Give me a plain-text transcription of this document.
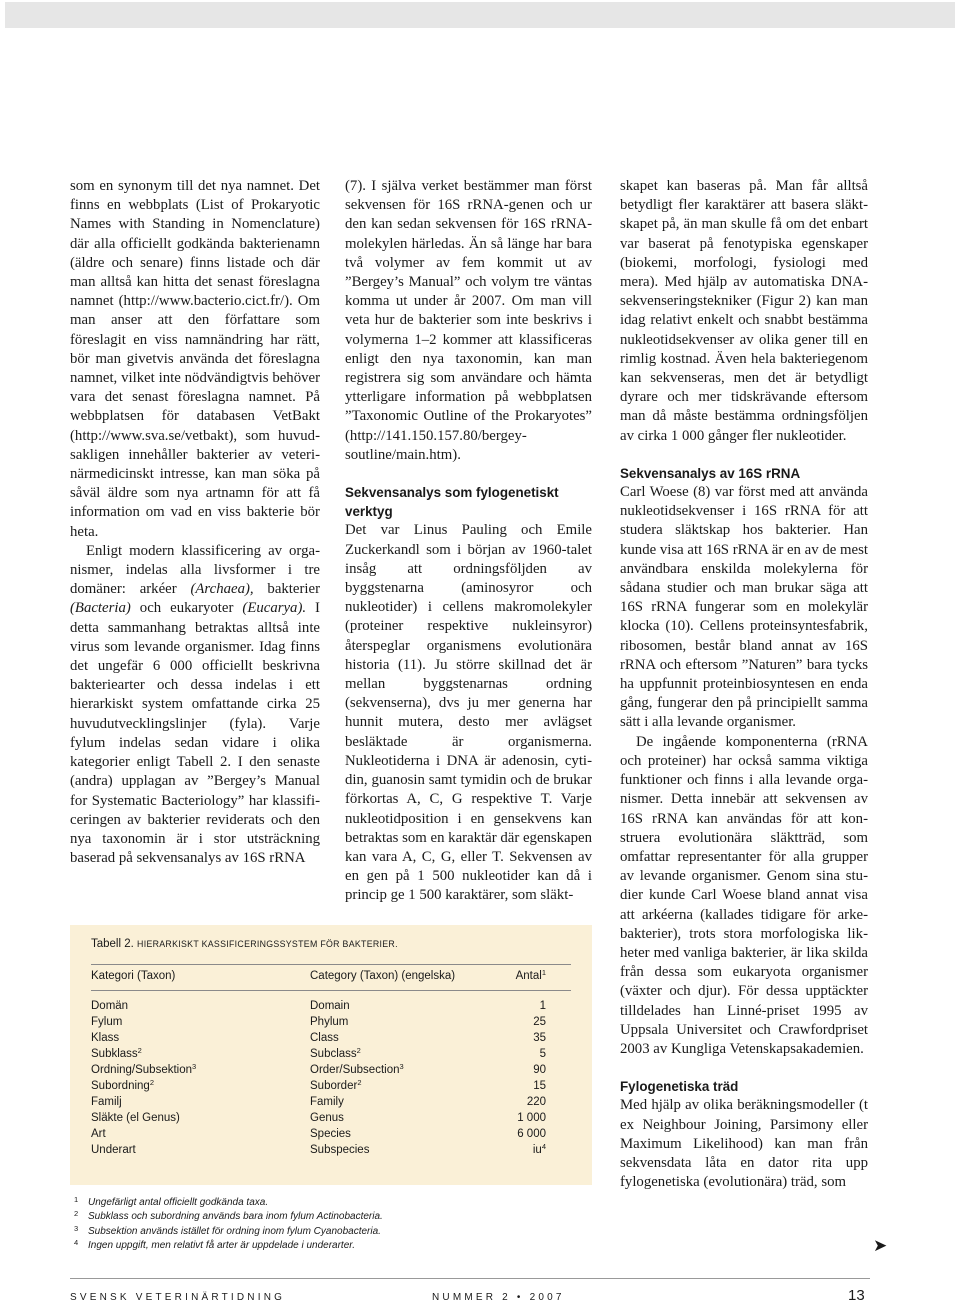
som en synonym till det nya namnet. Det finns en webbplats (List of Prokaryotic Names with Standing in Nomenclature) där alla officiellt godkända bakterienamn (äldre och senare) finns listade och där man alltså kan hitta det senast föreslagna namnet (http://www.bacterio.cict.fr/). Om man anser att den författare som föreslagit en viss namnändring har rätt, bör man givetvis använda det föreslagna namnet, vilket inte nödvändigtvis behöver vara det senast föreslagna namnet. På webbplatsen för databasen VetBakt (http://www.sva.se/vetbakt), som huvudsakligen innehåller bakterier av veterinärmedicinskt intresse, kan man söka på såväl äldre som nya artnamn för att få information om vad en viss bakterie bör heta.

Enligt modern klassificering av organismer, indelas alla livsformer i tre domäner: arkéer (Archaea), bakterier (Bacteria) och eukaryoter (Eucarya). I detta sammanhang betraktas alltså inte virus som levande organismer. Idag finns det ungefär 6 000 officiellt beskrivna bakteriearter och dessa indelas i ett hierarkiskt system omfattande cirka 25 huvudutvecklingslinjer (fyla). Varje fylum indelas sedan vidare i olika kategorier enligt Tabell 2. I den senaste (andra) upplagan av ”Bergey’s Manual for Systematic Bacteriology” har klassificeringen av bakterier reviderats och den nya taxonomin är i stor utsträckning baserad på sekvensanalys av 16S rRNA

(7). I själva verket bestämmer man först sekvensen för 16S rRNA-genen och ur den kan sedan sekvensen för 16S rRNA-molekylen härledas. Än så länge har bara två volymer av fem kommit ut av ”Bergey’s Manual” och volym tre väntas komma ut under år 2007. Om man vill veta hur de bakterier som inte beskrivs i volymerna 1–2 kommer att klassificeras enligt den nya taxonomin, kan man registrera sig som användare och hämta ytterligare information på webbplatsen ”Taxonomic Outline of the Prokaryotes” (http://141.150.157.80/bergeysoutline/main.htm).

Sekvensanalys som fylogenetiskt verktyg

Det var Linus Pauling och Emile Zuckerkandl som i början av 1960-talet insåg att ordningsföljden av byggstenarna (aminosyror och nukleotider) i cellens makromolekyler (proteiner respektive nukleinsyror) återspeglar organismens evolutionära historia (11). Ju större skillnad det är mellan byggstenarnas ordning (sekvenserna), dvs ju mer generna har hunnit mutera, desto mer avlägset besläktade är organismerna. Nukleotiderna i DNA är adenosin, cytidin, guanosin samt tymidin och de brukar förkortas A, C, G respektive T. Varje nukleotidposition i en gensekvens kan betraktas som en karaktär där egenskapen kan vara A, C, G, eller T. Sekvensen av en gen på 1 500 nukleotider kan då i princip ge 1 500 karaktärer, som släkt-

skapet kan baseras på. Man får alltså betydligt fler karaktärer att basera släktskapet på, än man skulle få om det enbart var baserat på fenotypiska egenskaper (biokemi, morfologi, fysiologi med mera). Med hjälp av automatiska DNA-sekvenseringstekniker (Figur 2) kan man idag relativt enkelt och snabbt bestämma nukleotidsekvenser av olika gener till en rimlig kostnad. Även hela bakteriegenom kan sekvenseras, men det är betydligt dyrare och mer tidskrävande eftersom man då måste bestämma ordningsföljen av cirka 1 000 gånger fler nukleotider.

Sekvensanalys av 16S rRNA

Carl Woese (8) var först med att använda nukleotidsekvenser i 16S rRNA för att studera släktskap hos bakterier. Han kunde visa att 16S rRNA är en av de mest användbara enskilda molekylerna för sådana studier och man brukar säga att 16S rRNA fungerar som en molekylär klocka (10). Cellens proteinsyntesfabrik, ribosomen, består bland annat av 16S rRNA och eftersom ”Naturen” bara tycks ha uppfunnit proteinbiosyntesen en enda gång, fungerar den på principiellt samma sätt i alla levande organismer.

De ingående komponenterna (rRNA och proteiner) har också samma viktiga funktioner och finns i alla levande organismer. Detta innebär att sekvensen av 16S rRNA kan användas för att konstruera evolutionära släktträd, som omfattar representanter för alla grupper av levande organismer. Genom sina studier kunde Carl Woese bland annat visa att arkéerna (kallades tidigare för arkebakterier), trots stora morfologiska likheter med vanliga bakterier, är lika skilda från dessa som eukaryota organismer (växter och djur). För dessa upptäckter tilldelades han Linné-priset 1995 av Uppsala Universitet och Crawfordpriset 2003 av Kungliga Vetenskapsakademien.

Fylogenetiska träd

Med hjälp av olika beräkningsmodeller (t ex Neighbour Joining, Parsimony eller Maximum Likelihood) kan man från sekvensdata låta en dator rita upp fylogenetiska (evolutionära) träd, som

Tabell 2. HIERARKISKT KASSIFICERINGSSYSTEM FÖR BAKTERIER.
Kategori (Taxon)	Category (Taxon) (engelska)	Antal$^1$
Domän	Domain	1
Fylum	Phylum	25
Klass	Class	35
Subklass$^2$	Subclass$^2$	5
Ordning/Subsektion$^3$	Order/Subsection$^3$	90
Subordning$^2$	Suborder$^2$	15
Familj	Family	220
Släkte (el Genus)	Genus	1 000
Art	Species	6 000
Underart	Subspecies	$iu^4$
1 Ungefärligt antal officiellt godkända taxa.
2 Subklass och subordning används bara inom fylum Actinobacteria.
3 Subsektion används istället för ordning inom fylum Cyanobacteria.
4 Ingen uppgift, men relativt få arter är uppdelade i underarter.	➤
SVENSK VETERINÄRTIDNING	NUMMER 2 • 2007	13
